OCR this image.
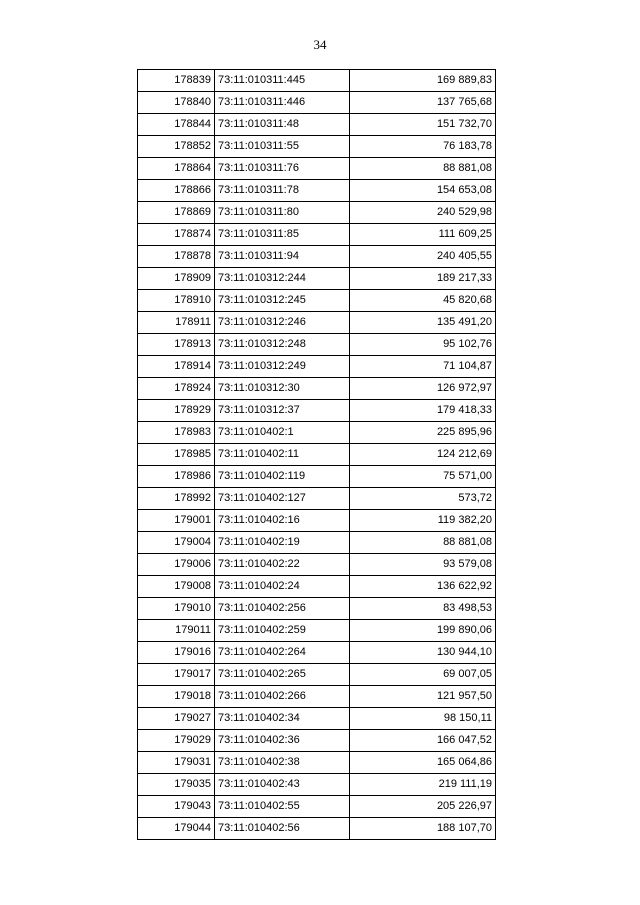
34
178839	73:11:010311:445	169 889,83
178840	73:11:010311:446	137 765,68
178844	73:11:010311:48	151 732,70
178852	73:11:010311:55	76 183,78
178864	73:11:010311:76	88 881,08
178866	73:11:010311:78	154 653,08
178869	73:11:010311:80	240 529,98
178874	73:11:010311:85	111 609,25
178878	73:11:010311:94	240 405,55
178909	73:11:010312:244	189 217,33
178910	73:11:010312:245	45 820,68
178911	73:11:010312:246	135 491,20
178913	73:11:010312:248	95 102,76
178914	73:11:010312:249	71 104,87
178924	73:11:010312:30	126 972,97
178929	73:11:010312:37	179 418,33
178983	73:11:010402:1	225 895,96
178985	73:11:010402:11	124 212,69
178986	73:11:010402:119	75 571,00
178992	73:11:010402:127	573,72
179001	73:11:010402:16	119 382,20
179004	73:11:010402:19	88 881,08
179006	73:11:010402:22	93 579,08
179008	73:11:010402:24	136 622,92
179010	73:11:010402:256	83 498,53
179011	73:11:010402:259	199 890,06
179016	73:11:010402:264	130 944,10
179017	73:11:010402:265	69 007,05
179018	73:11:010402:266	121 957,50
179027	73:11:010402:34	98 150,11
179029	73:11:010402:36	166 047,52
179031	73:11:010402:38	165 064,86
179035	73:11:010402:43	219 111,19
179043	73:11:010402:55	205 226,97
179044	73:11:010402:56	188 107,70
